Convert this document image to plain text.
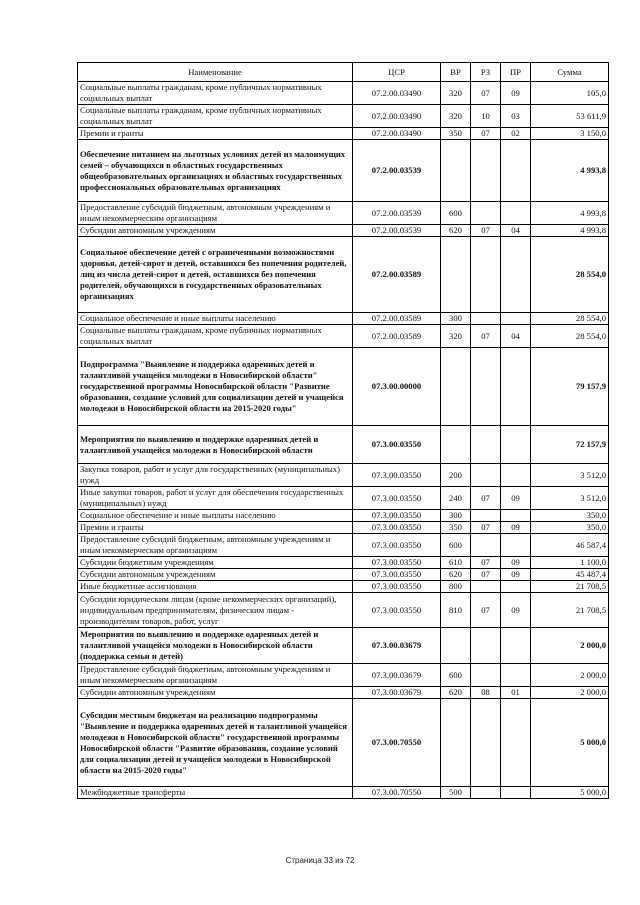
Наименование	ЦСР	ВР	РЗ	ПР	Сумма
Социальные выплаты гражданам, кроме публичных нормативных социальных выплат	07.2.00.03490	320	07	09	105,0
Социальные выплаты гражданам, кроме публичных нормативных социальных выплат	07.2.00.03490	320	10	03	53 611,9
Премии и гранты	07.2.00.03490	350	07	02	3 150,0
Обеспечение питанием на льготных условиях детей из малоимущих семей – обучающихся в областных государственных общеобразовательных организациях и областных государственных профессиональных образовательных организациях	07.2.00.03539				4 993,8
Предоставление субсидий бюджетным, автономным учреждениям и иным некоммерческим организациям	07.2.00.03539	600			4 993,8
Субсидии автономным учреждениям	07.2.00.03539	620	07	04	4 993,8
Социальное обеспечение детей с ограниченными возможностями здоровья, детей-сирот и детей, оставшихся без попечения родителей, лиц из числа детей-сирот и детей, оставшихся без попечения родителей, обучающихся в государственных образовательных организациях	07.2.00.03589				28 554,0
Социальное обеспечение и иные выплаты населению	07.2.00.03589	300			28 554,0
Социальные выплаты гражданам, кроме публичных нормативных социальных выплат	07.2.00.03589	320	07	04	28 554,0
Подпрограмма "Выявление и поддержка одаренных детей и талантливой учащейся молодежи в Новосибирской области" государственной программы Новосибирской области "Развитие образования, создание условий для социализации детей и учащейся молодежи в Новосибирской области на 2015-2020 годы"	07.3.00.00000				79 157,9
Мероприятия по выявлению и поддержке одаренных детей и талантливой учащейся молодежи в Новосибирской области	07.3.00.03550				72 157,9
Закупка товаров, работ и услуг для государственных (муниципальных) нужд	07.3.00.03550	200			3 512,0
Иные закупки товаров, работ и услуг для обеспечения государственных (муниципальных) нужд	07.3.00.03550	240	07	09	3 512,0
Социальное обеспечение и иные выплаты населению	07.3.00.03550	300			350,0
Премии и гранты	07.3.00.03550	350	07	09	350,0
Предоставление субсидий бюджетным, автономным учреждениям и иным некоммерческим организациям	07.3.00.03550	600			46 587,4
Субсидии бюджетным учреждениям	07.3.00.03550	610	07	09	1 100,0
Субсидии автономным учреждениям	07.3.00.03550	620	07	09	45 487,4
Иные бюджетные ассигнования	07.3.00.03550	800			21 708,5
Субсидии юридическим лицам (кроме некоммерческих организаций), индивидуальным предпринимателям, физическим лицам - производителям товаров, работ, услуг	07.3.00.03550	810	07	09	21 708,5
Мероприятия по выявлению и поддержке одаренных детей и талантливой учащейся молодежи в Новосибирской области (поддержка семьи и детей)	07.3.00.03679				2 000,0
Предоставление субсидий бюджетным, автономным учреждениям и иным некоммерческим организациям	07.3.00.03679	600			2 000,0
Субсидии автономным учреждениям	07.3.00.03679	620	08	01	2 000,0
Субсидии местным бюджетам на реализацию подпрограммы "Выявление и поддержка одаренных детей и талантливой учащейся молодежи в Новосибирской области" государственной программы Новосибирской области "Развитие образования, создание условий для социализации детей и учащейся молодежи в Новосибирской области на 2015-2020 годы"	07.3.00.70550				5 000,0
Межбюджетные трансферты	07.3.00.70550	500			5 000,0
Страница 33 из 72
